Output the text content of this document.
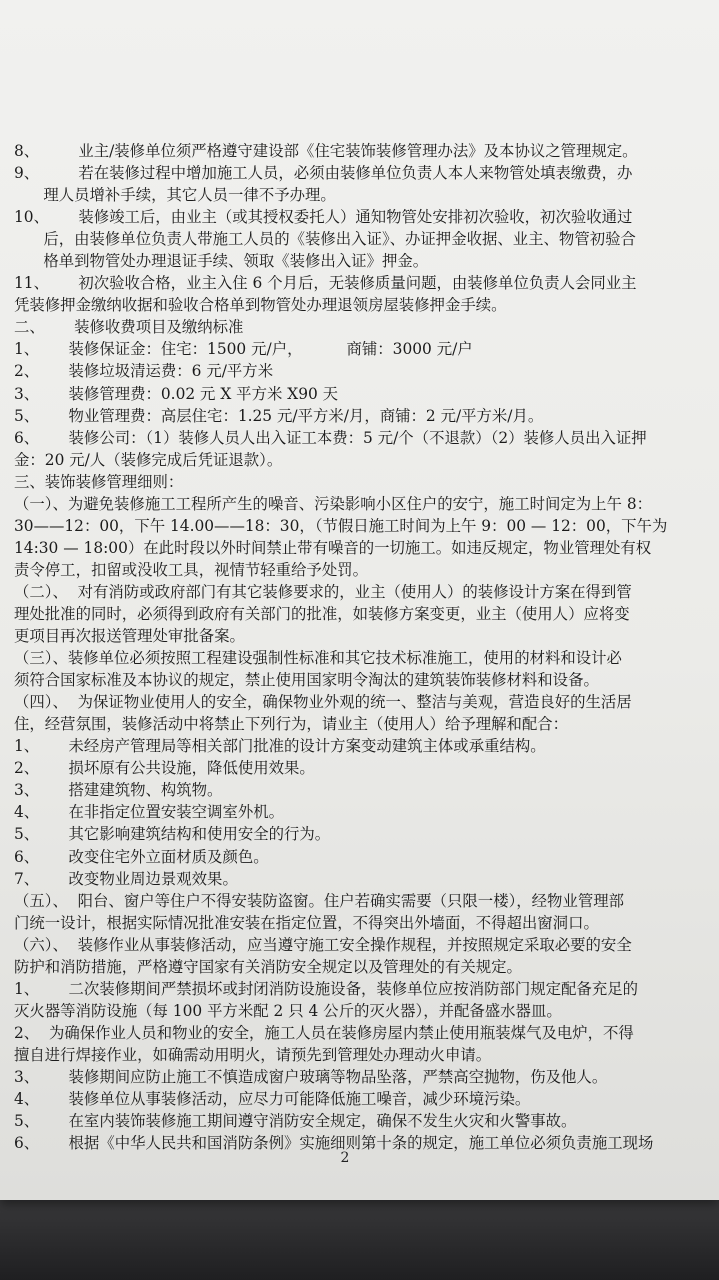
8、        业主/装修单位须严格遵守建设部《住宅装饰装修管理办法》及本协议之管理规定。
9、        若在装修过程中增加施工人员，必须由装修单位负责人本人来物管处填表缴费，办
理人员增补手续，其它人员一律不予办理。
10、      装修竣工后，由业主（或其授权委托人）通知物管处安排初次验收，初次验收通过
后，由装修单位负责人带施工人员的《装修出入证》、办证押金收据、业主、物管初验合
格单到物管处办理退证手续、领取《装修出入证》押金。
11、      初次验收合格，业主入住 6 个月后，无装修质量问题，由装修单位负责人会同业主
凭装修押金缴纳收据和验收合格单到物管处办理退领房屋装修押金手续。
二、      装修收费项目及缴纳标准
1、      装修保证金：住宅：1500 元/户，         商铺：3000 元/户
2、      装修垃圾清运费：6 元/平方米
3、      装修管理费：0.02 元 X 平方米 X90 天
5、      物业管理费：高层住宅：1.25 元/平方米/月，商铺：2 元/平方米/月。
6、      装修公司：（1）装修人员人出入证工本费：5 元/个（不退款）（2）装修人员出入证押
金：20 元/人（装修完成后凭证退款）。
三、装饰装修管理细则：
（一）、为避免装修施工工程所产生的噪音、污染影响小区住户的安宁，施工时间定为上午 8：
30——12：00，下午 14.00——18：30，（节假日施工时间为上午 9：00 — 12：00，下午为
14:30 — 18:00）在此时段以外时间禁止带有噪音的一切施工。如违反规定，物业管理处有权
责令停工，扣留或没收工具，视情节轻重给予处罚。
（二）、  对有消防或政府部门有其它装修要求的，业主（使用人）的装修设计方案在得到管
理处批准的同时，必须得到政府有关部门的批准，如装修方案变更，业主（使用人）应将变
更项目再次报送管理处审批备案。
（三）、装修单位必须按照工程建设强制性标准和其它技术标准施工，使用的材料和设计必
须符合国家标准及本协议的规定，禁止使用国家明令淘汰的建筑装饰装修材料和设备。
（四）、  为保证物业使用人的安全，确保物业外观的统一、整洁与美观，营造良好的生活居
住，经营氛围，装修活动中将禁止下列行为，请业主（使用人）给予理解和配合：
1、      未经房产管理局等相关部门批准的设计方案变动建筑主体或承重结构。
2、      损坏原有公共设施，降低使用效果。
3、      搭建建筑物、构筑物。
4、      在非指定位置安装空调室外机。
5、      其它影响建筑结构和使用安全的行为。
6、      改变住宅外立面材质及颜色。
7、      改变物业周边景观效果。
（五）、  阳台、窗户等住户不得安装防盗窗。住户若确实需要（只限一楼），经物业管理部
门统一设计，根据实际情况批准安装在指定位置，不得突出外墙面，不得超出窗洞口。
（六）、  装修作业从事装修活动，应当遵守施工安全操作规程，并按照规定采取必要的安全
防护和消防措施，严格遵守国家有关消防安全规定以及管理处的有关规定。
1、      二次装修期间严禁损坏或封闭消防设施设备，装修单位应按消防部门规定配备充足的
灭火器等消防设施（每 100 平方米配 2 只 4 公斤的灭火器），并配备盛水器皿。
2、  为确保作业人员和物业的安全，施工人员在装修房屋内禁止使用瓶装煤气及电炉，不得
擅自进行焊接作业，如确需动用明火，请预先到管理处办理动火申请。
3、      装修期间应防止施工不慎造成窗户玻璃等物品坠落，严禁高空抛物，伤及他人。
4、      装修单位从事装修活动，应尽力可能降低施工噪音，减少环境污染。
5、      在室内装饰装修施工期间遵守消防安全规定，确保不发生火灾和火警事故。
6、      根据《中华人民共和国消防条例》实施细则第十条的规定，施工单位必须负责施工现场
2
